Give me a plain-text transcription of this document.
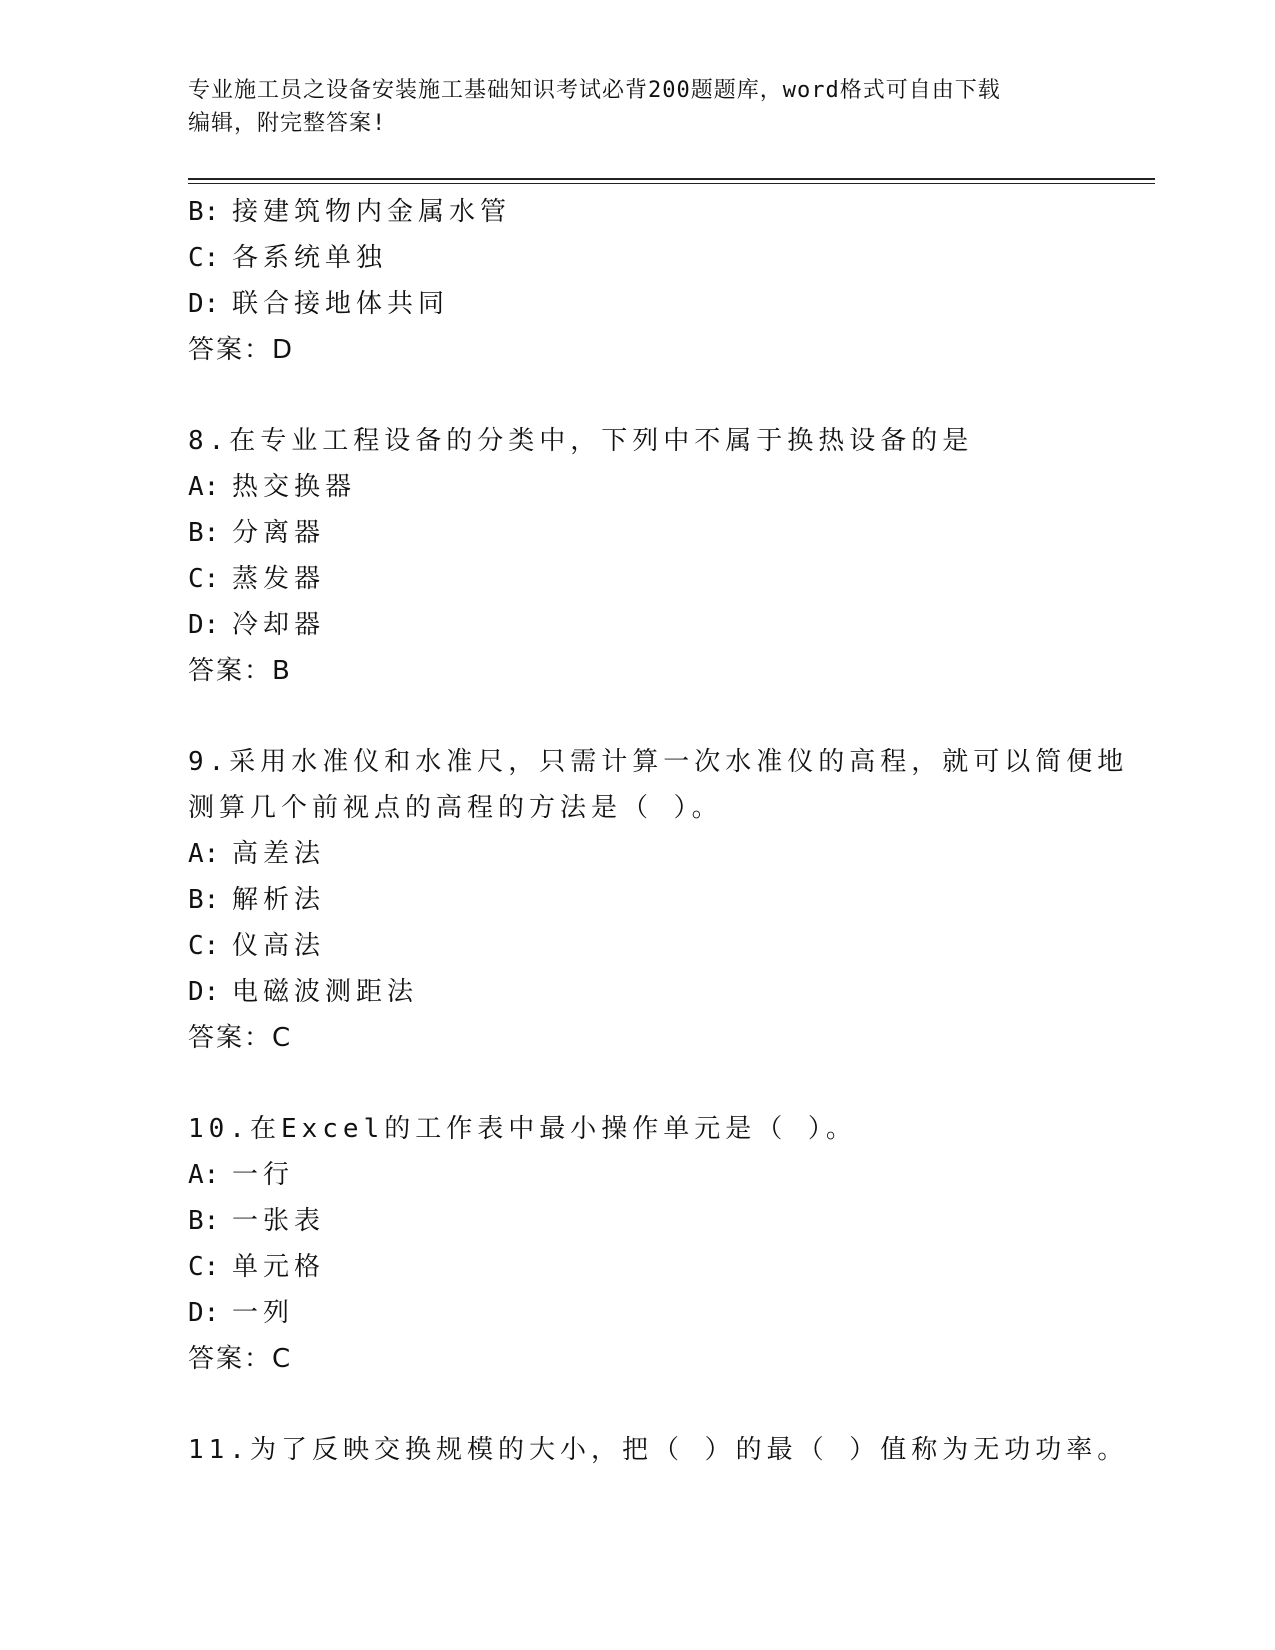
专业施工员之设备安装施工基础知识考试必背200题题库，word格式可自由下载
编辑，附完整答案!
B: 接建筑物内金属水管
C: 各系统单独
D: 联合接地体共同
答案：D
8.在专业工程设备的分类中，下列中不属于换热设备的是
A: 热交换器
B: 分离器
C: 蒸发器
D: 冷却器
答案：B
9.采用水准仪和水准尺，只需计算一次水准仪的高程，就可以简便地
测算几个前视点的高程的方法是（ ）。
A: 高差法
B: 解析法
C: 仪高法
D: 电磁波测距法
答案：C
10.在Excel的工作表中最小操作单元是（ ）。
A: 一行
B: 一张表
C: 单元格
D: 一列
答案：C
11.为了反映交换规模的大小，把（ ）的最（ ）值称为无功功率。
